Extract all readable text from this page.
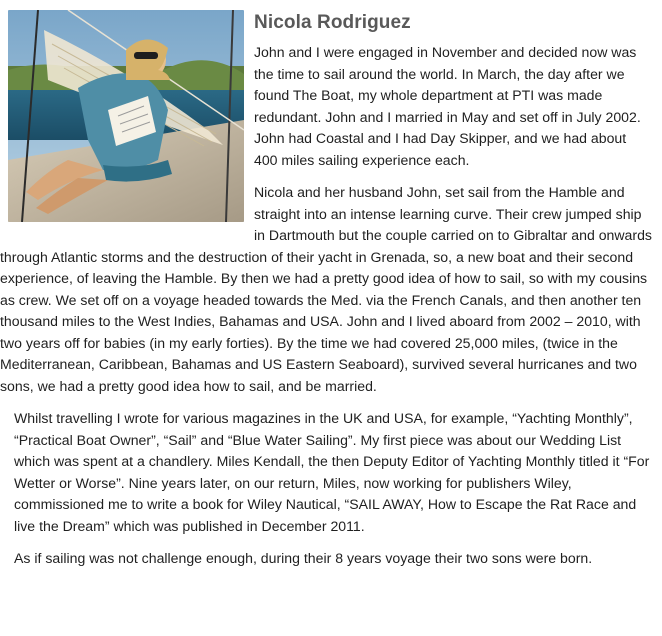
Nicola Rodriguez

John and I were engaged in November and decided now was the time to sail around the world. In March, the day after we found The Boat, my whole department at PTI was made redundant. John and I married in May and set off in July 2002. John had Coastal and I had Day Skipper, and we had about 400 miles sailing experience each.

Nicola and her husband John, set sail from the Hamble and straight into an intense learning curve. Their crew jumped ship in Dartmouth but the couple carried on to Gibraltar and onwards through Atlantic storms and the destruction of their yacht in Grenada, so, a new boat and their second experience, of leaving the Hamble. By then we had a pretty good idea of how to sail, so with my cousins as crew. We set off on a voyage headed towards the Med. via the French Canals, and then another ten thousand miles to the West Indies, Bahamas and USA. John and I lived aboard from 2002 – 2010, with two years off for babies (in my early forties). By the time we had covered 25,000 miles, (twice in the Mediterranean, Caribbean, Bahamas and US Eastern Seaboard), survived several hurricanes and two sons, we had a pretty good idea how to sail, and be married.

Whilst travelling I wrote for various magazines in the UK and USA, for example, “Yachting Monthly”, “Practical Boat Owner”, “Sail” and “Blue Water Sailing”. My first piece was about our Wedding List which was spent at a chandlery. Miles Kendall, the then Deputy Editor of Yachting Monthly titled it “For Wetter or Worse”. Nine years later, on our return, Miles, now working for publishers Wiley, commissioned me to write a book for Wiley Nautical, “SAIL AWAY, How to Escape the Rat Race and live the Dream” which was published in December 2011.

As if sailing was not challenge enough, during their 8 years voyage their two sons were born.
